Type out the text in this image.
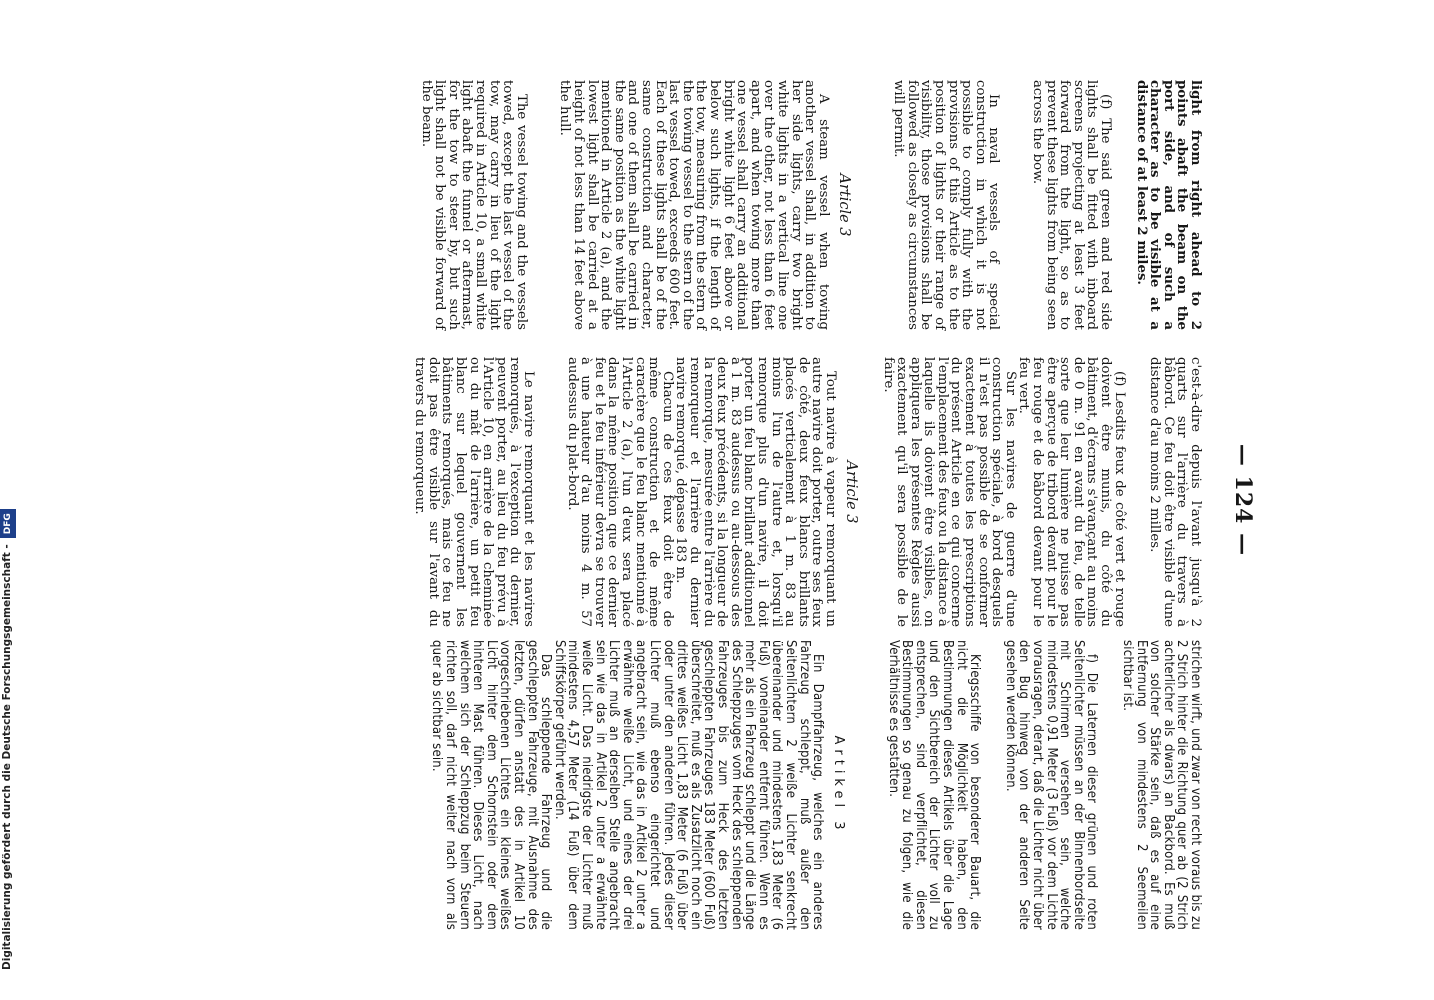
— 124 —

light from right ahead to 2 points abaft the beam on the port side, and of such a character as to be visible at a distance of at least 2 miles.

(f) The said green and red side lights shall be fitted with inboard screens projecting at least 3 feet forward from the light, so as to prevent these lights from being seen across the bow.

In naval vessels of special construction in which it is not possible to comply fully with the provisions of this Article as to the position of lights or their range of visibility, those provisions shall be followed as closely as circumstances will permit.

Article 3

A steam vessel when towing another vessel shall, in addition to her side lights, carry two bright white lights in a vertical line one over the other, not less than 6 feet apart, and when towing more than one vessel shall carry an additional bright white light 6 feet above or below such lights, if the length of the tow, measuring from the stern of the towing vessel to the stern of the last vessel towed, exceeds 600 feet. Each of these lights shall be of the same construction and character, and one of them shall be carried in the same position as the white light mentioned in Article 2 (a), and the lowest light shall be carried at a height of not less than 14 feet above the hull.

The vessel towing and the vessels towed, except the last vessel of the tow, may carry in lieu of the light required in Article 10, a small white light abaft the funnel or aftermast, for the tow to steer by, but such light shall not be visible forward of the beam.

c'est-à-dire depuis l'avant jusqu'à 2 quarts sur l'arrière du travers à bâbord. Ce feu doit être visible d'une distance d'au moins 2 milles.

(f) Lesdits feux de côté vert et rouge doivent être munis, du côté du bâtiment, d'écrans s'avançant au moins de 0 m. 91 en avant du feu, de telle sorte que leur lumière ne puisse pas être aperçue de tribord devant pour le feu rouge et de bâbord devant pour le feu vert.

Sur les navires de guerre d'une construction spéciale, à bord desquels il n'est pas possible de se conformer exactement à toutes les prescriptions du présent Article en ce qui concerne l'emplacement des feux ou la distance à laquelle ils doivent être visibles, on appliquera les présentes Règles aussi exactement qu'il sera possible de le faire.

Article 3

Tout navire à vapeur remorquant un autre navire doit porter, outre ses feux de côté, deux feux blancs brillants placés verticalement à 1 m. 83 au moins l'un de l'autre et, lorsqu'il remorque plus d'un navire, il doit porter un feu blanc brillant additionnel à 1 m. 83 audessus ou au-dessous des deux feux précédents, si la longueur de la remorque, mesurée entre l'arrière du remorqueur et l'arrière du dernier navire remorqué, dépasse 183 m.

Chacun de ces feux doit être de même construction et de même caractère que le feu blanc mentionné à l'Article 2 (a), l'un d'eux sera placé dans la même position que ce dernier feu et le feu inférieur devra se trouver à une hauteur d'au moins 4 m. 57 audessus du plat-bord.

Le navire remorquant et les navires remorqués, à l'exception du dernier, peuvent porter, au lieu du feu prévu à l'Article 10, en arrière de la cheminée ou du mât de l'arrière, un petit feu blanc sur lequel gouvernent les bâtiments remorqués, mais ce feu ne doit pas être visible sur l'avant du travers du remorqueur.

strichen wirft, und zwar von recht voraus bis zu 2 Strich hinter die Richtung quer ab (2 Strich achterlicher als dwars) an Backbord. Es muß von solcher Stärke sein, daß es auf eine Entfernung von mindestens 2 Seemeilen sichtbar ist.

f) Die Laternen dieser grünen und roten Seitenlichter müssen an der Binnenbordseite mit Schirmen versehen sein, welche mindestens 0,91 Meter (3 Fuß) vor dem Lichte vorausragen, derart, daß die Lichter nicht über den Bug hinweg von der anderen Seite gesehen werden können.

Kriegsschiffe von besonderer Bauart, die nicht die Möglichkeit haben, den Bestimmungen dieses Artikels über die Lage und den Sichtbereich der Lichter voll zu entsprechen, sind verpflichtet, diesen Bestimmungen so genau zu folgen, wie die Verhältnisse es gestatten.

Artikel 3

Ein Dampffahrzeug, welches ein anderes Fahrzeug schleppt, muß außer den Seitenlichtern 2 weiße Lichter senkrecht übereinander und mindestens 1,83 Meter (6 Fuß) voneinander entfernt führen. Wenn es mehr als ein Fahrzeug schleppt und die Länge des Schleppzuges vom Heck des schleppenden Fahrzeuges bis zum Heck des letzten geschleppten Fahrzeuges 183 Meter (600 Fuß) überschreitet, muß es als Zusatzlicht noch ein drittes weißes Licht 1,83 Meter (6 Fuß) über oder unter den anderen führen. Jedes dieser Lichter muß ebenso eingerichtet und angebracht sein, wie das in Artikel 2 unter a erwähnte weiße Licht, und eines der drei Lichter muß an derselben Stelle angebracht sein wie das in Artikel 2 unter a erwähnte weiße Licht. Das niedrigste der Lichter muß mindestens 4,57 Meter (14 Fuß) über dem Schiffskörper geführt werden.

Das schleppende Fahrzeug und die geschleppten Fahrzeuge, mit Ausnahme des letzten, dürfen anstatt des in Artikel 10 vorgeschriebenen Lichtes ein kleines weißes Licht hinter dem Schornstein oder dem hinteren Mast führen. Dieses Licht, nach welchem sich der Schleppzug beim Steuern richten soll, darf nicht weiter nach vorn als quer ab sichtbar sein.

Digitalisierung gefördert durch die Deutsche Forschungsgemeinschaft -DFG
